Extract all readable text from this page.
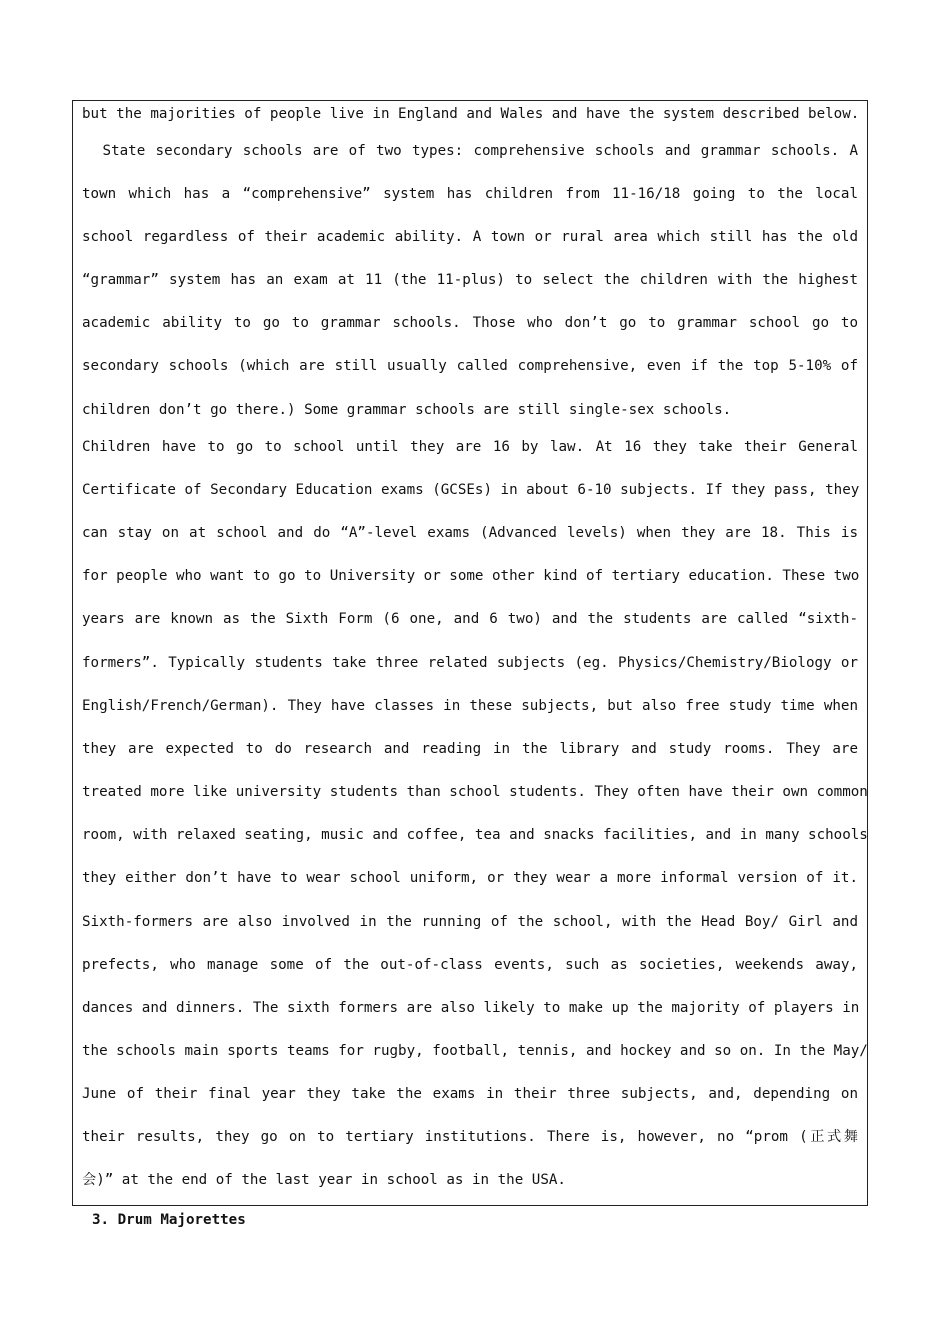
but the majorities of people live in England and Wales and have the system described below.
State secondary schools are of two types: comprehensive schools and grammar schools. A
town which has a “comprehensive” system has children from 11-16/18 going to the local
school regardless of their academic ability. A town or rural area which still has the old
“grammar” system has an exam at 11 (the 11-plus) to select the children with the highest
academic ability to go to grammar schools. Those who don’t go to grammar school go to
secondary schools (which are still usually called comprehensive, even if the top 5-10% of
children don’t go there.) Some grammar schools are still single-sex schools.
Children have to go to school until they are 16 by law. At 16 they take their General
Certificate of Secondary Education exams (GCSEs) in about 6-10 subjects. If they pass, they
can stay on at school and do “A”-level exams (Advanced levels) when they are 18. This is
for people who want to go to University or some other kind of tertiary education. These two
years are known as the Sixth Form (6 one, and 6 two) and the students are called “sixth-
formers”. Typically students take three related subjects (eg. Physics/Chemistry/Biology or
English/French/German). They have classes in these subjects, but also free study time when
they are expected to do research and reading in the library and study rooms. They are
treated more like university students than school students. They often have their own common
room, with relaxed seating, music and coffee, tea and snacks facilities, and in many schools
they either don’t have to wear school uniform, or they wear a more informal version of it.
Sixth-formers are also involved in the running of the school, with the Head Boy/ Girl and
prefects, who manage some of the out-of-class events, such as societies, weekends away,
dances and dinners. The sixth formers are also likely to make up the majority of players in
the schools main sports teams for rugby, football, tennis, and hockey and so on. In the May/
June of their final year they take the exams in their three subjects, and, depending on
their results, they go on to tertiary institutions. There is, however, no “prom (正式舞
会)” at the end of the last year in school as in the USA.
3. Drum Majorettes
